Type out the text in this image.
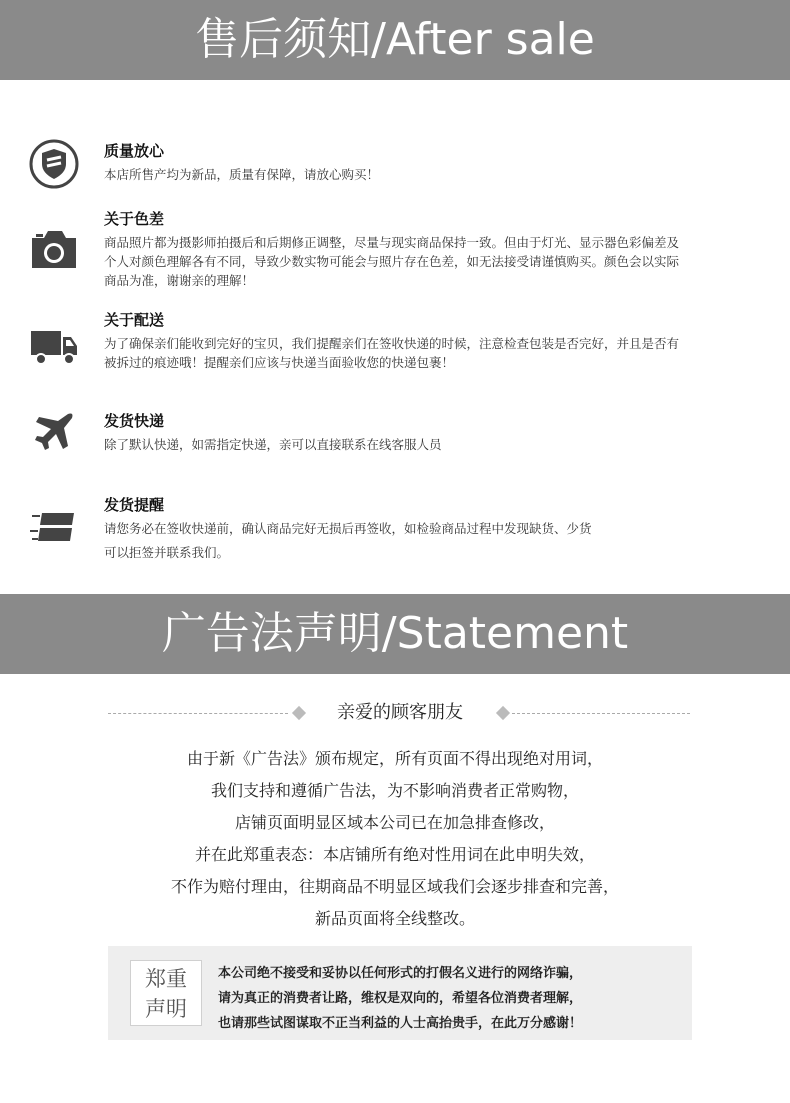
售后须知/After sale
质量放心
本店所售产均为新品，质量有保障，请放心购买！
关于色差
商品照片都为摄影师拍摄后和后期修正调整，尽量与现实商品保持一致。但由于灯光、显示器色彩偏差及
个人对颜色理解各有不同，导致少数实物可能会与照片存在色差，如无法接受请谨慎购买。颜色会以实际
商品为准，谢谢亲的理解！
关于配送
为了确保亲们能收到完好的宝贝，我们提醒亲们在签收快递的时候，注意检查包装是否完好，并且是否有
被拆过的痕迹哦！提醒亲们应该与快递当面验收您的快递包裹！
发货快递
除了默认快递，如需指定快递，亲可以直接联系在线客服人员
发货提醒
请您务必在签收快递前，确认商品完好无损后再签收，如检验商品过程中发现缺货、少货
可以拒签并联系我们。
广告法声明/Statement
亲爱的顾客朋友
由于新《广告法》颁布规定，所有页面不得出现绝对用词，
我们支持和遵循广告法，为不影响消费者正常购物，
店铺页面明显区域本公司已在加急排查修改，
并在此郑重表态：本店铺所有绝对性用词在此申明失效，
不作为赔付理由，往期商品不明显区域我们会逐步排查和完善，
新品页面将全线整改。
郑重
声明
本公司绝不接受和妥协以任何形式的打假名义进行的网络诈骗，
请为真正的消费者让路，维权是双向的，希望各位消费者理解，
也请那些试图谋取不正当利益的人士高抬贵手，在此万分感谢！
